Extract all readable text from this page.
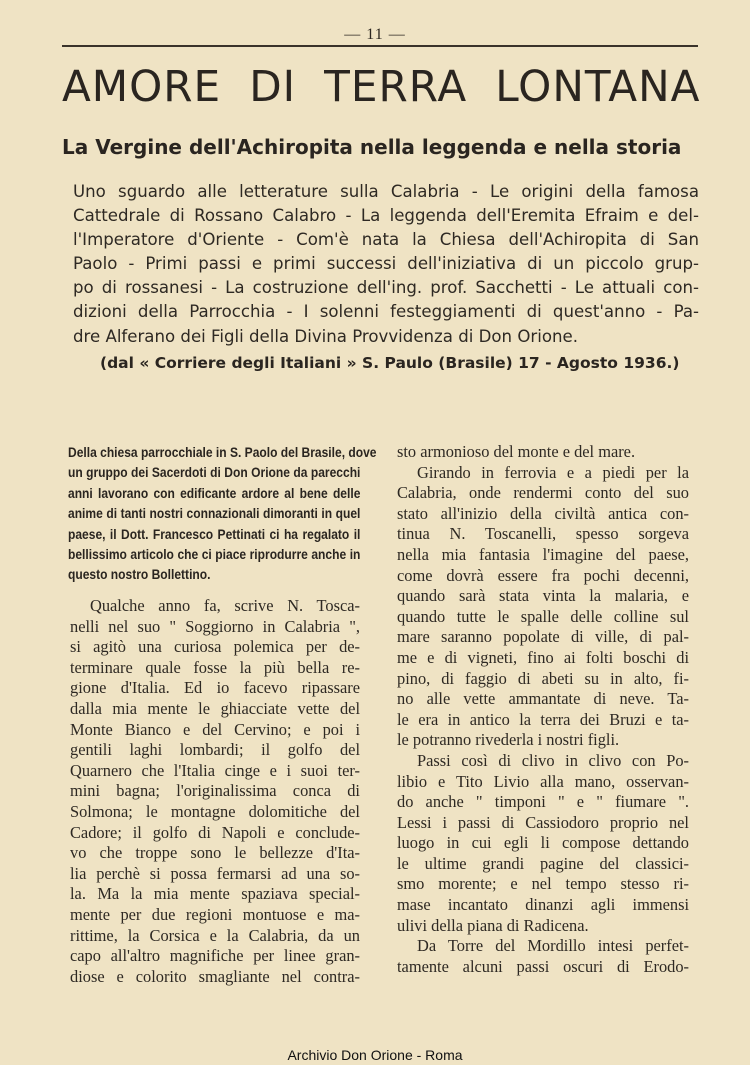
— 11 —
AMORE DI TERRA LONTANA
La Vergine dell'Achiropita nella leggenda e nella storia
Uno sguardo alle letterature sulla Calabria - Le origini della famosa
Cattedrale di Rossano Calabro - La leggenda dell'Eremita Efraim e del-
l'Imperatore d'Oriente - Com'è nata la Chiesa dell'Achiropita di San
Paolo - Primi passi e primi successi dell'iniziativa di un piccolo grup-
po di rossanesi - La costruzione dell'ing. prof. Sacchetti - Le attuali con-
dizioni della Parrocchia - I solenni festeggiamenti di quest'anno - Pa-
dre Alferano dei Figli della Divina Provvidenza di Don Orione.
(dal « Corriere degli Italiani » S. Paulo (Brasile) 17 - Agosto 1936.)
Della chiesa parrocchiale in S. Paolo del Brasile, dove
un gruppo dei Sacerdoti di Don Orione da parecchi
anni lavorano con edificante ardore al bene delle
anime di tanti nostri connazionali dimoranti in quel
paese, il Dott. Francesco Pettinati ci ha regalato il
bellissimo articolo che ci piace riprodurre anche in
questo nostro Bollettino.
Qualche anno fa, scrive N. Tosca-
nelli nel suo " Soggiorno in Calabria ",
si agitò una curiosa polemica per de-
terminare quale fosse la più bella re-
gione d'Italia. Ed io facevo ripassare
dalla mia mente le ghiacciate vette del
Monte Bianco e del Cervino; e poi i
gentili laghi lombardi; il golfo del
Quarnero che l'Italia cinge e i suoi ter-
mini bagna; l'originalissima conca di
Solmona; le montagne dolomitiche del
Cadore; il golfo di Napoli e conclude-
vo che troppe sono le bellezze d'Ita-
lia perchè si possa fermarsi ad una so-
la. Ma la mia mente spaziava special-
mente per due regioni montuose e ma-
rittime, la Corsica e la Calabria, da un
capo all'altro magnifiche per linee gran-
diose e colorito smagliante nel contra-
sto armonioso del monte e del mare.
Girando in ferrovia e a piedi per la
Calabria, onde rendermi conto del suo
stato all'inizio della civiltà antica con-
tinua N. Toscanelli, spesso sorgeva
nella mia fantasia l'imagine del paese,
come dovrà essere fra pochi decenni,
quando sarà stata vinta la malaria, e
quando tutte le spalle delle colline sul
mare saranno popolate di ville, di pal-
me e di vigneti, fino ai folti boschi di
pino, di faggio di abeti su in alto, fi-
no alle vette ammantate di neve. Ta-
le era in antico la terra dei Bruzi e ta-
le potranno rivederla i nostri figli.
Passi così di clivo in clivo con Po-
libio e Tito Livio alla mano, osservan-
do anche " timponi " e " fiumare ".
Lessi i passi di Cassiodoro proprio nel
luogo in cui egli li compose dettando
le ultime grandi pagine del classici-
smo morente; e nel tempo stesso ri-
mase incantato dinanzi agli immensi
ulivi della piana di Radicena.
Da Torre del Mordillo intesi perfet-
tamente alcuni passi oscuri di Erodo-
Archivio Don Orione - Roma
